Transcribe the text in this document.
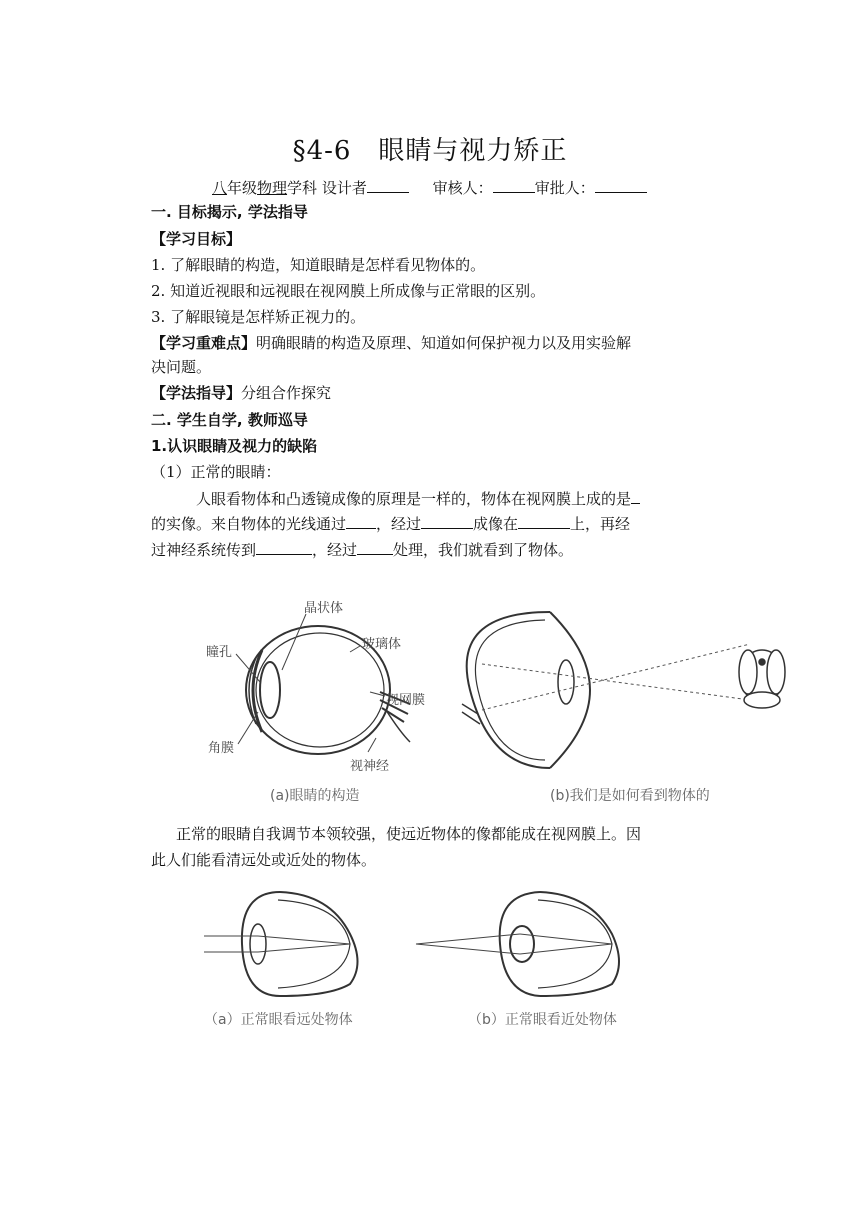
§4-6　眼睛与视力矫正
八年级物理学科 设计者	审核人：	审批人：
一. 目标揭示, 学法指导
【学习目标】
1. 了解眼睛的构造，知道眼睛是怎样看见物体的。
2. 知道近视眼和远视眼在视网膜上所成像与正常眼的区别。
3. 了解眼镜是怎样矫正视力的。
【学习重难点】明确眼睛的构造及原理、知道如何保护视力以及用实验解
决问题。
【学法指导】分组合作探究
二. 学生自学, 教师巡导
1.认识眼睛及视力的缺陷
（1）正常的眼睛：
人眼看物体和凸透镜成像的原理是一样的，物体在视网膜上成的是
的实像。来自物体的光线通过 ，经过	成像在	上，再经
过神经系统传到	，经过 处理，我们就看到了物体。
晶状体
玻璃体
瞳孔
视网膜
角膜
视神经
(a)眼睛的构造	(b)我们是如何看到物体的
正常的眼睛自我调节本领较强，使远近物体的像都能成在视网膜上。因
此人们能看清远处或近处的物体。
（a）正常眼看远处物体	（b）正常眼看近处物体
